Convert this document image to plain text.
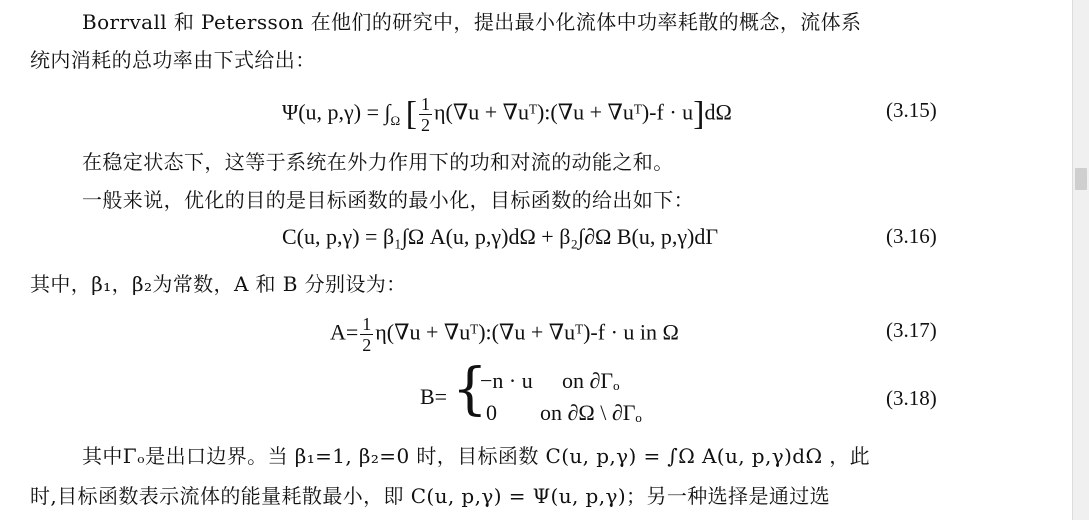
Borrvall 和 Petersson 在他们的研究中，提出最小化流体中功率耗散的概念，流体系
统内消耗的总功率由下式给出：
Ψ(u, $p,\gamma) = \int_\Omega$ [ $\frac{1}{2} \eta(\nabla u$ + ∇uᵀ):(∇u + ∇uᵀ)-f · u]dΩ	(3.15)
在稳定状态下，这等于系统在外力作用下的功和对流的动能之和。
一般来说，优化的目的是目标函数的最小化，目标函数的给出如下：
C(u, p,γ) = β₁∫Ω A(u, p,γ)dΩ + β₂∫∂Ω B(u, p,γ)dΓ	(3.16)
其中，β₁，β₂为常数，A 和 B 分别设为：
$A= \frac{1}{2} \eta(\nabla u$ + ∇uᵀ):(∇u + ∇uᵀ)-f · u in Ω	(3.17)
B= {
−n · u on ∂Γₒ
0 on ∂Ω \ ∂Γₒ
(3.18)
其中Γₒ是出口边界。当 β₁=1, β₂=0 时，目标函数 C(u, p,γ) = ∫Ω A(u, p,γ)dΩ ，此
时,目标函数表示流体的能量耗散最小，即 C(u, p,γ) = Ψ(u, p,γ)；另一种选择是通过选
